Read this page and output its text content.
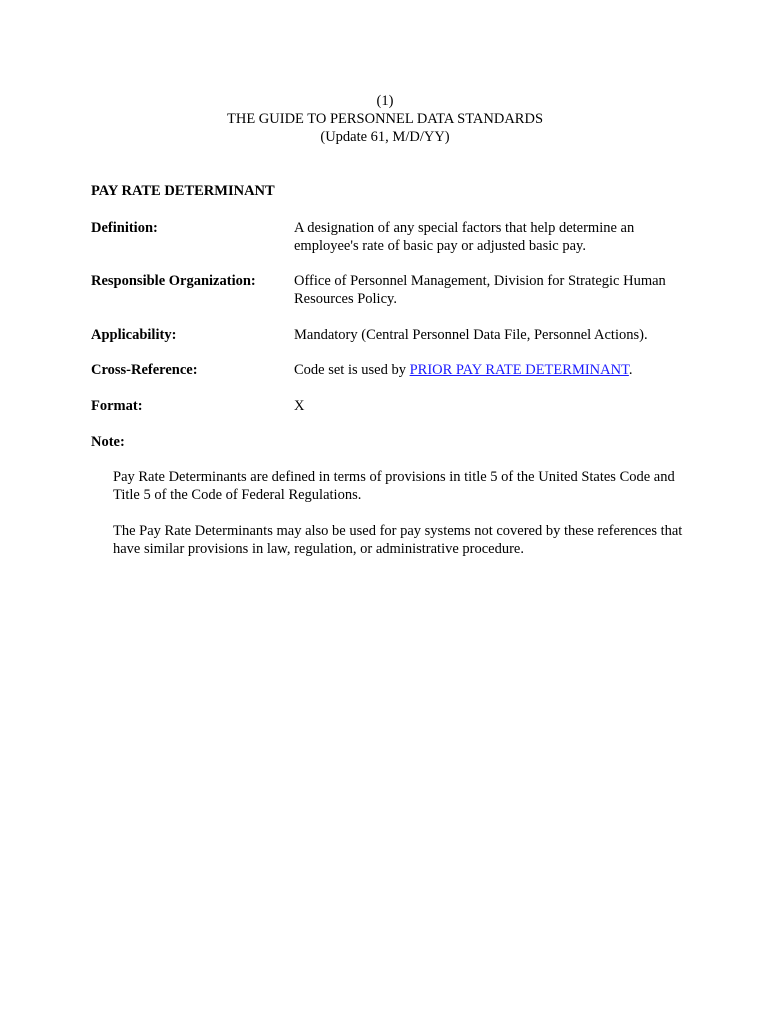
(1)
THE GUIDE TO PERSONNEL DATA STANDARDS
(Update 61, M/D/YY)
PAY RATE DETERMINANT
Definition:	A designation of any special factors that help determine an employee's rate of basic pay or adjusted basic pay.
Responsible Organization:	Office of Personnel Management, Division for Strategic Human Resources Policy.
Applicability:	Mandatory (Central Personnel Data File, Personnel Actions).
Cross-Reference:	Code set is used by PRIOR PAY RATE DETERMINANT.
Format:	X
Note:
Pay Rate Determinants are defined in terms of provisions in title 5 of the United States Code and Title 5 of the Code of Federal Regulations.
The Pay Rate Determinants may also be used for pay systems not covered by these references that have similar provisions in law, regulation, or administrative procedure.
